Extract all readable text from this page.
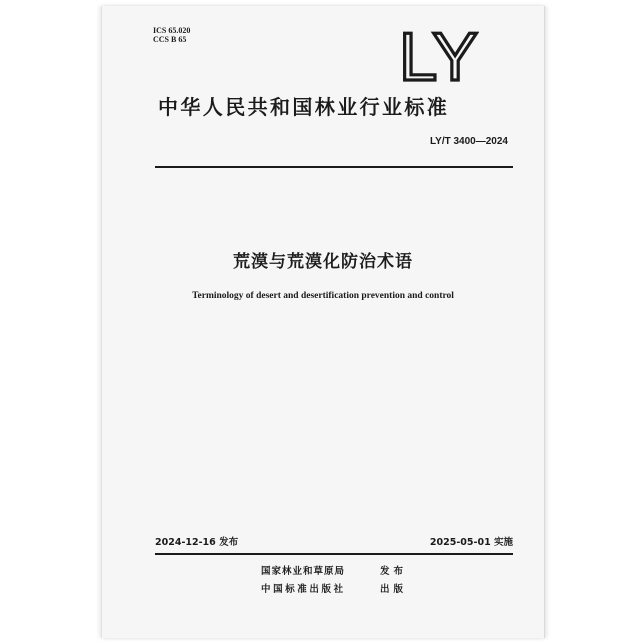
ICS 65.020
CCS B 65	LY
中华人民共和国林业行业标准
LY/T 3400—2024
荒漠与荒漠化防治术语
Terminology of desert and desertification prevention and control
2024-12-16 发布	2025-05-01 实施
国家林业和草原局	发布
中国标准出版社	出版
